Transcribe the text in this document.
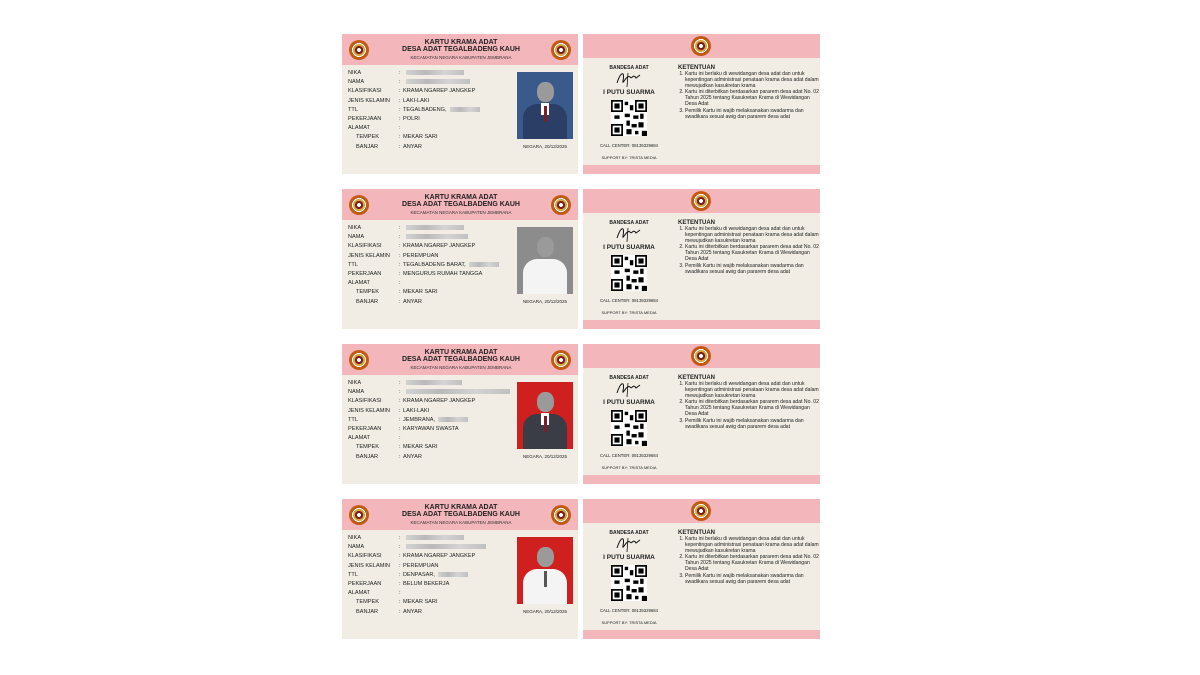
KARTU KRAMA ADAT
DESA ADAT TEGALBADENG KAUH
KECAMATAN NEGARA KABUPATEN JEMBRANA
NIKA	:
NAMA	:
KLASIFIKASI	: KRAMA NGAREP JANGKEP
JENIS KELAMIN : LAKI-LAKI
TTL	: TEGALBADENG,
PEKERJAAN	: POLRI
ALAMAT	:
TEMPEK	: MEKAR SARI
BANJAR	: ANYAR	NEGARA, 20/12/2025
BANDESA ADAT
I PUTU SUARMA
CALL CENTER: 08135329684
SUPPORT BY: TRISTA MEDIA
KETENTUAN
1. Kartu ini berlaku di wewidangan desa adat dan untuk kepentingan administrasi penataan krama desa adat dalam mewujudkan kasukretan krama
2. Kartu ini diterbitkan berdasarkan pararem desa adat No. 02 Tahun 2025 tentang Kasukretan Krama di Wewidangan Desa Adat
3. Pemilik Kartu ini wajib melaksanakan swadarma dan swadikara sesual awig dan pararem desa adat
KARTU KRAMA ADAT
DESA ADAT TEGALBADENG KAUH
KECAMATAN NEGARA KABUPATEN JEMBRANA
NIKA	:
NAMA	:
KLASIFIKASI	: KRAMA NGAREP JANGKEP
JENIS KELAMIN : PEREMPUAN
TTL	: TEGALBADENG BARAT,
PEKERJAAN	: MENGURUS RUMAH TANGGA
ALAMAT	:
TEMPEK	: MEKAR SARI
BANJAR	: ANYAR	NEGARA, 20/12/2025
BANDESA ADAT
I PUTU SUARMA
CALL CENTER: 08135329684
SUPPORT BY: TRISTA MEDIA
KETENTUAN
1. Kartu ini berlaku di wewidangan desa adat dan untuk kepentingan administrasi penataan krama desa adat dalam mewujudkan kasukretan krama
2. Kartu ini diterbitkan berdasarkan pararem desa adat No. 02 Tahun 2025 tentang Kasukretan Krama di Wewidangan Desa Adat
3. Pemilik Kartu ini wajib melaksanakan swadarma dan swadikara sesual awig dan pararem desa adat
KARTU KRAMA ADAT
DESA ADAT TEGALBADENG KAUH
KECAMATAN NEGARA KABUPATEN JEMBRANA
NIKA	:
NAMA	:
KLASIFIKASI	: KRAMA NGAREP JANGKEP
JENIS KELAMIN : LAKI-LAKI
TTL	: JEMBRANA,
PEKERJAAN	: KARYAWAN SWASTA
ALAMAT	:
TEMPEK	: MEKAR SARI
BANJAR	: ANYAR	NEGARA, 20/12/2025
BANDESA ADAT
I PUTU SUARMA
CALL CENTER: 08135329684
SUPPORT BY: TRISTA MEDIA
KETENTUAN
1. Kartu ini berlaku di wewidangan desa adat dan untuk kepentingan administrasi penataan krama desa adat dalam mewujudkan kasukretan krama
2. Kartu ini diterbitkan berdasarkan pararem desa adat No. 02 Tahun 2025 tentang Kasukretan Krama di Wewidangan Desa Adat
3. Pemilik Kartu ini wajib melaksanakan swadarma dan swadikara sesual awig dan pararem desa adat
KARTU KRAMA ADAT
DESA ADAT TEGALBADENG KAUH
KECAMATAN NEGARA KABUPATEN JEMBRANA
NIKA	:
NAMA	:
KLASIFIKASI	: KRAMA NGAREP JANGKEP
JENIS KELAMIN : PEREMPUAN
TTL	: DENPASAR,
PEKERJAAN	: BELUM BEKERJA
ALAMAT	:
TEMPEK	: MEKAR SARI
BANJAR	: ANYAR	NEGARA, 20/12/2025
BANDESA ADAT
I PUTU SUARMA
CALL CENTER: 08135329684
SUPPORT BY: TRISTA MEDIA
KETENTUAN
1. Kartu ini berlaku di wewidangan desa adat dan untuk kepentingan administrasi penataan krama desa adat dalam mewujudkan kasukretan krama
2. Kartu ini diterbitkan berdasarkan pararem desa adat No. 02 Tahun 2025 tentang Kasukretan Krama di Wewidangan Desa Adat
3. Pemilik Kartu ini wajib melaksanakan swadarma dan swadikara sesual awig dan pararem desa adat
